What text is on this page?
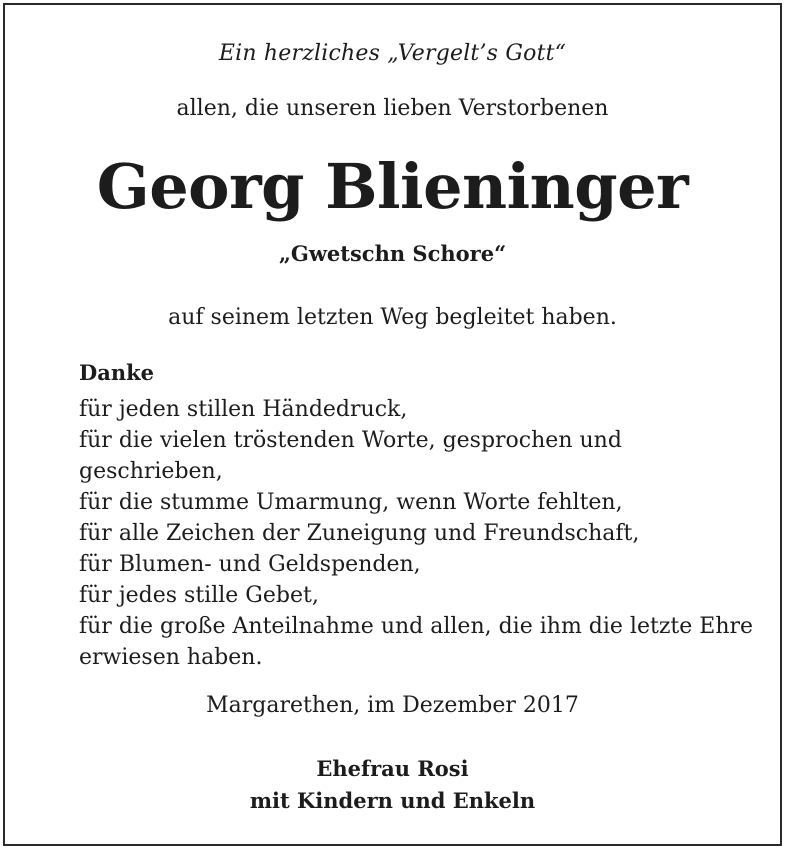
Ein herzliches „Vergelt’s Gott“
allen, die unseren lieben Verstorbenen
Georg Blieninger
„Gwetschn Schore“
auf seinem letzten Weg begleitet haben.
Danke
für jeden stillen Händedruck,
für die vielen tröstenden Worte, gesprochen und geschrieben,
für die stumme Umarmung, wenn Worte fehlten,
für alle Zeichen der Zuneigung und Freundschaft,
für Blumen- und Geldspenden,
für jedes stille Gebet,
für die große Anteilnahme und allen, die ihm die letzte Ehre erwiesen haben.
Margarethen, im Dezember 2017
Ehefrau Rosi
mit Kindern und Enkeln
